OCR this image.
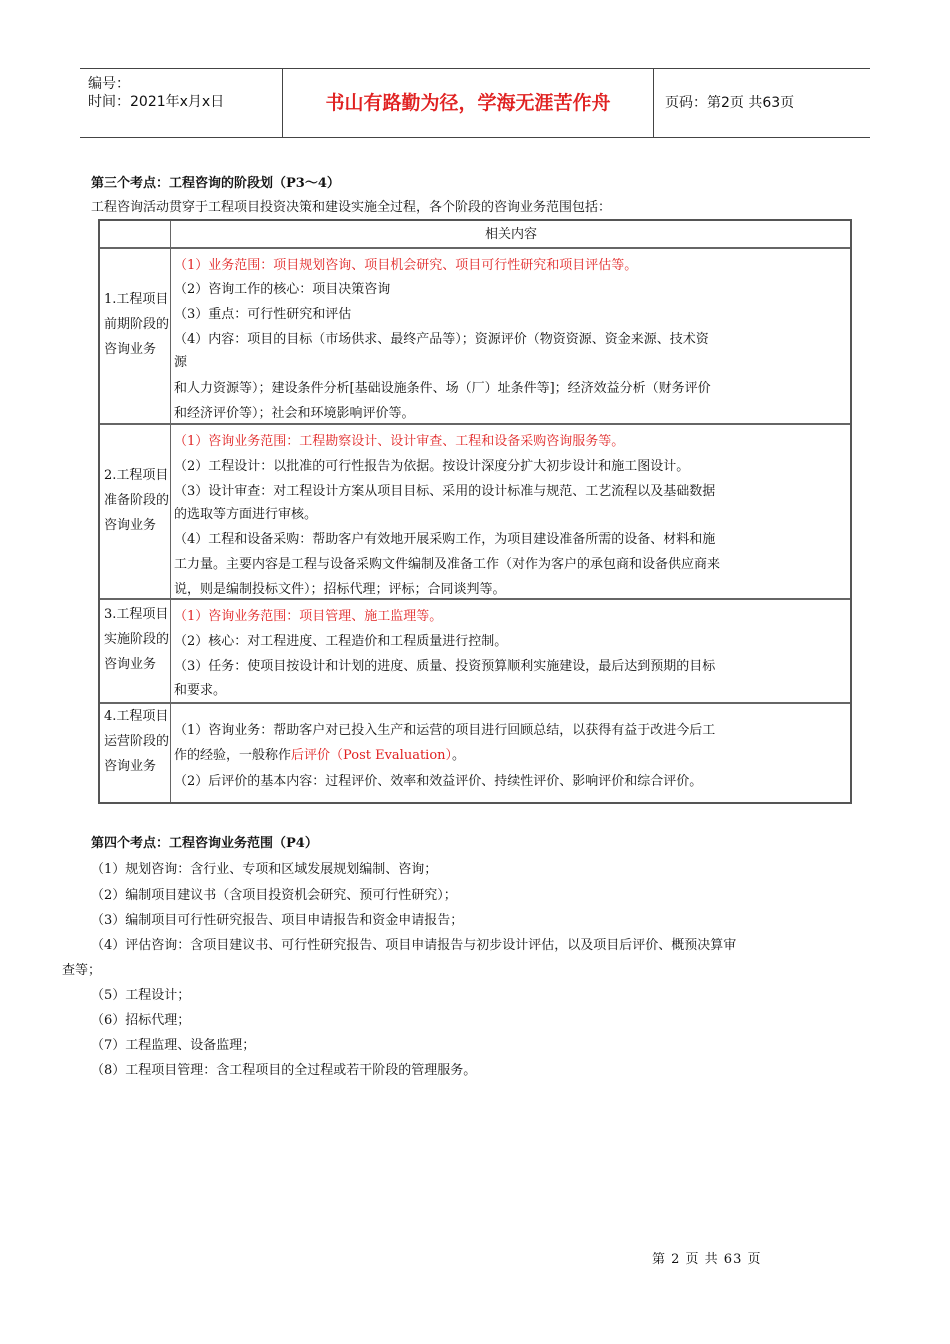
编号：
时间：2021年x月x日	书山有路勤为径，学海无涯苦作舟	页码：第2页 共63页
第三个考点：工程咨询的阶段划（P3～4）
工程咨询活动贯穿于工程项目投资决策和建设实施全过程，各个阶段的咨询业务范围包括：
相关内容
1.工程项目前期阶段的咨询业务
（1）业务范围：项目规划咨询、项目机会研究、项目可行性研究和项目评估等。
（2）咨询工作的核心：项目决策咨询
（3）重点：可行性研究和评估
（4）内容：项目的目标（市场供求、最终产品等）；资源评价（物资资源、资金来源、技术资
源
和人力资源等）；建设条件分析[基础设施条件、场（厂）址条件等]；经济效益分析（财务评价
和经济评价等）；社会和环境影响评价等。
2.工程项目准备阶段的咨询业务
（1）咨询业务范围：工程勘察设计、设计审查、工程和设备采购咨询服务等。
（2）工程设计：以批准的可行性报告为依据。按设计深度分扩大初步设计和施工图设计。
（3）设计审查：对工程设计方案从项目目标、采用的设计标准与规范、工艺流程以及基础数据
的选取等方面进行审核。
（4）工程和设备采购：帮助客户有效地开展采购工作，为项目建设准备所需的设备、材料和施
工力量。主要内容是工程与设备采购文件编制及准备工作（对作为客户的承包商和设备供应商来
说，则是编制投标文件）；招标代理；评标；合同谈判等。
3.工程项目实施阶段的咨询业务
（1）咨询业务范围：项目管理、施工监理等。
（2）核心：对工程进度、工程造价和工程质量进行控制。
（3）任务：使项目按设计和计划的进度、质量、投资预算顺利实施建设，最后达到预期的目标
和要求。
4.工程项目运营阶段的咨询业务
（1）咨询业务：帮助客户对已投入生产和运营的项目进行回顾总结，以获得有益于改进今后工
作的经验，一般称作后评价（Post Evaluation）。
（2）后评价的基本内容：过程评价、效率和效益评价、持续性评价、影响评价和综合评价。
第四个考点：工程咨询业务范围（P4）
（1）规划咨询：含行业、专项和区域发展规划编制、咨询；
（2）编制项目建议书（含项目投资机会研究、预可行性研究）；
（3）编制项目可行性研究报告、项目申请报告和资金申请报告；
（4）评估咨询：含项目建议书、可行性研究报告、项目申请报告与初步设计评估，以及项目后评价、概预决算审
查等；
（5）工程设计；
（6）招标代理；
（7）工程监理、设备监理；
（8）工程项目管理：含工程项目的全过程或若干阶段的管理服务。
第 2 页 共 63 页
